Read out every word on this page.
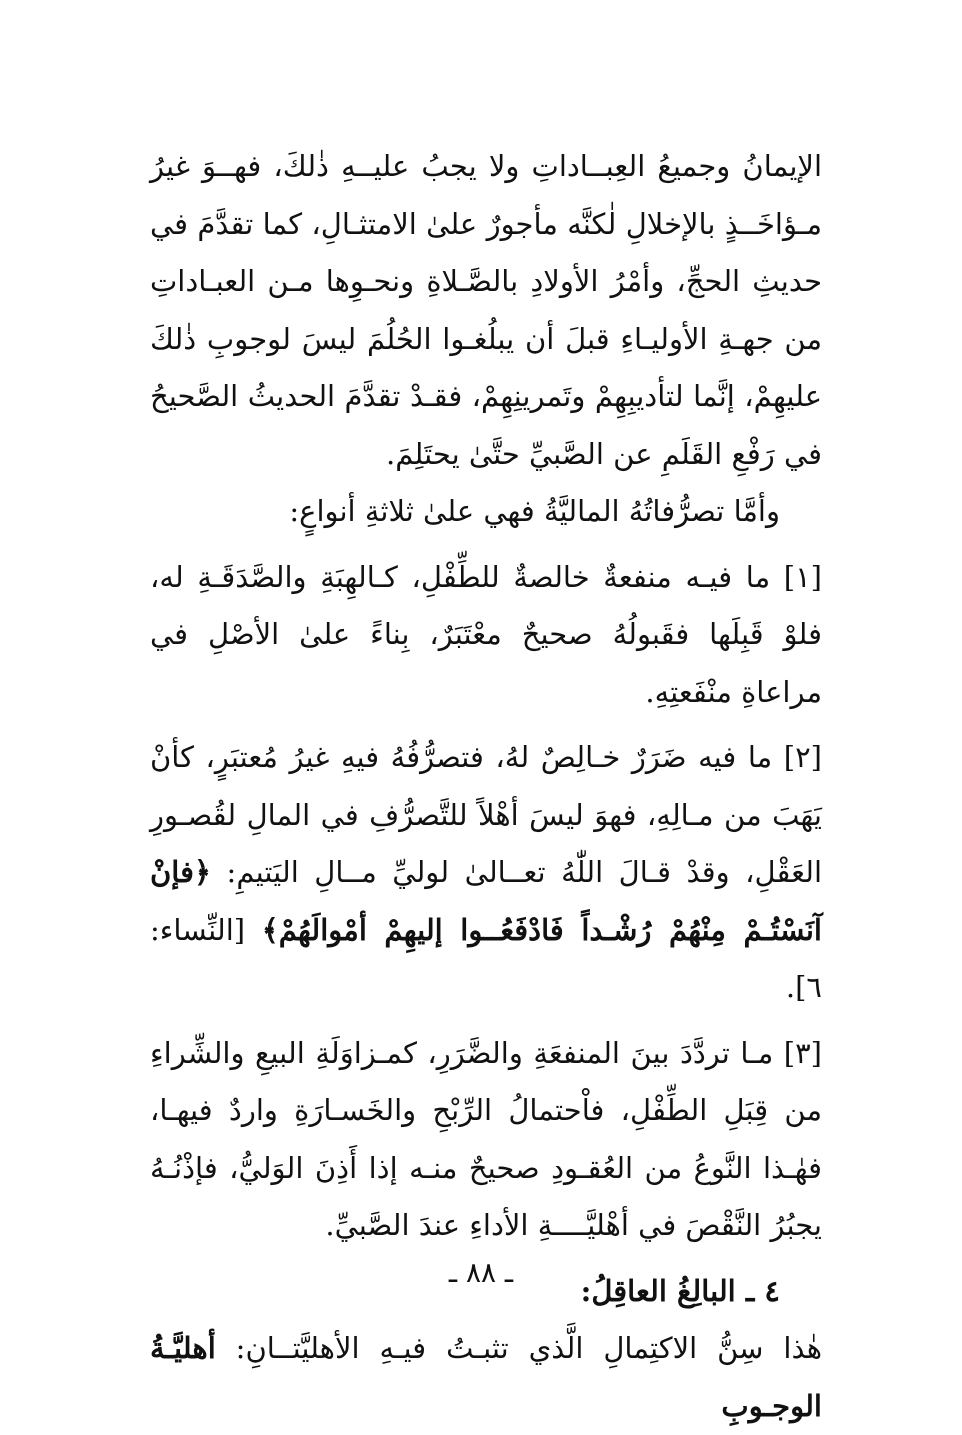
الإيمانُ وجميعُ العِبــاداتِ ولا يجبُ عليــهِ ذٰلكَ، فهــوَ غيرُ مـؤاخَــذٍ بالإخلالِ لٰكنَّه مأجورٌ علىٰ الامتثـالِ، كما تقدَّمَ في حديثِ الحجِّ، وأمْرُ الأولادِ بالصَّـلاةِ ونحـوِها مـن العبـاداتِ من جهـةِ الأوليـاءِ قبلَ أن يبلُغـوا الحُلُمَ ليسَ لوجوبِ ذٰلكَ عليهِمْ، إنَّما لتأديبِهِمْ وتَمرينِهِمْ، فقـدْ تقدَّمَ الحديثُ الصَّحيحُ في رَفْعِ القَلَمِ عن الصَّبيِّ حتَّىٰ يحتَلِمَ.

وأمَّا تصرُّفاتُهُ الماليَّةُ فهي علىٰ ثلاثةِ أنواعٍ:

[١] ما فيـه منفعةٌ خالصةٌ للطِّفْلِ، كـالهِبَةِ والصَّدَقَـةِ له، فلوْ قَبِلَها فقَبولُهُ صحيحٌ معْتَبَرٌ، بِناءً علىٰ الأصْلِ في مراعاةِ منْفَعتِهِ.

[٢] ما فيه ضَرَرٌ خـالِصٌ لهُ، فتصرُّفُهُ فيهِ غيرُ مُعتبَرٍ، كأنْ يَهَبَ من مـالِهِ، فهوَ ليسَ أهْلاً للتَّصرُّفِ في المالِ لقُصـورِ العَقْلِ، وقدْ قـالَ اللّٰهُ تعــالىٰ لوليِّ مــالِ اليَتيمِ: ﴿فإنْ آنَسْتُـمْ مِنْهُمْ رُشْـداً فَادْفَعُــوا إليهِمْ أمْوالَهُمْ﴾ [النِّساء: ٦].

[٣] مـا تردَّدَ بينَ المنفعَةِ والضَّرَرِ، كمـزاوَلَةِ البيعِ والشِّراءِ من قِبَلِ الطِّفْلِ، فاْحتمالُ الرِّبْحِ والخَسـارَةِ واردٌ فيهـا، فهٰـذا النَّوعُ من العُقـودِ صحيحٌ منـه إذا أَذِنَ الوَليُّ، فإذْنُـهُ يجبُرُ النَّقْصَ في أهْليَّــــةِ الأداءِ عندَ الصَّبيِّ.

٤ ـ البالِغُ العاقِلُ:

هٰذا سِنُّ الاكتِمالِ الَّذي تثبـتُ فيـهِ الأهليَّتــانِ: أهليَّـةُ الوجـوبِ

ـ ٨٨ ـ
